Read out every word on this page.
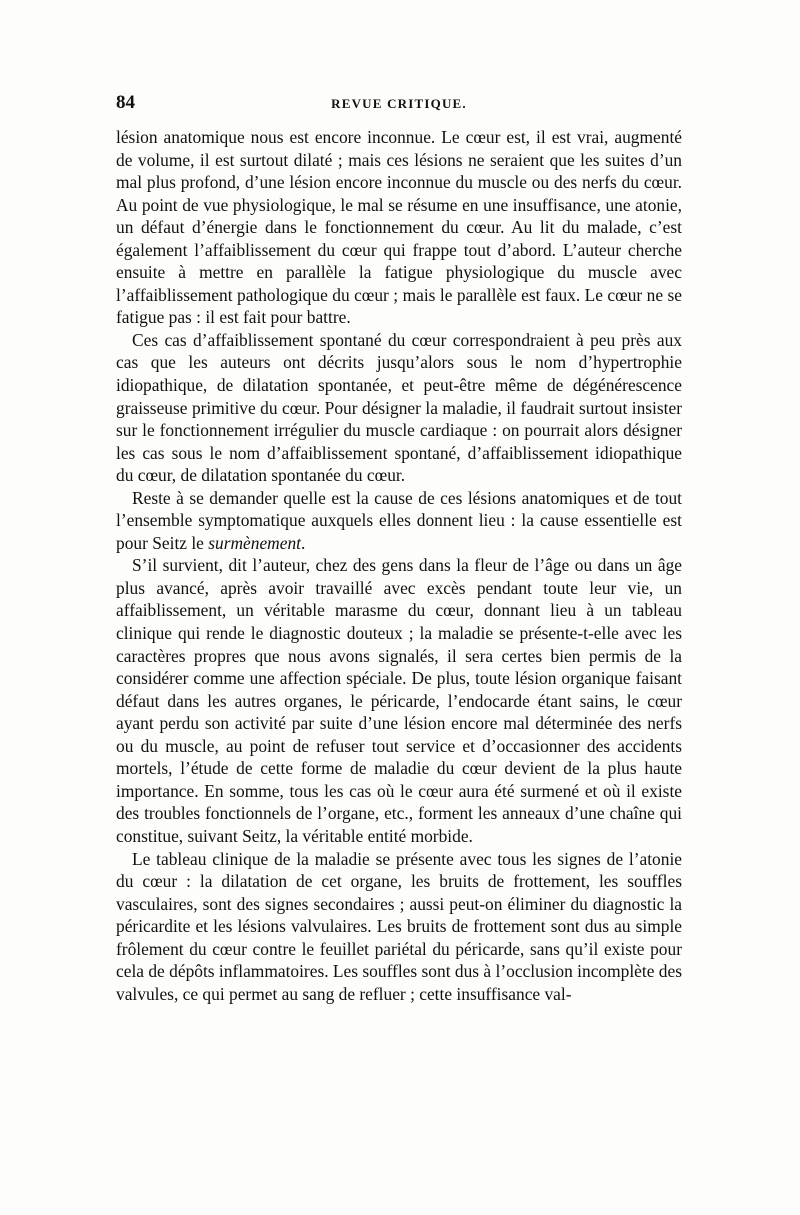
84	REVUE CRITIQUE.

lésion anatomique nous est encore inconnue. Le cœur est, il est vrai, augmenté de volume, il est surtout dilaté ; mais ces lésions ne seraient que les suites d’un mal plus profond, d’une lésion encore inconnue du muscle ou des nerfs du cœur. Au point de vue physiologique, le mal se résume en une insuffisance, une atonie, un défaut d’énergie dans le fonctionnement du cœur. Au lit du malade, c’est également l’affaiblissement du cœur qui frappe tout d’abord. L’auteur cherche ensuite à mettre en parallèle la fatigue physiologique du muscle avec l’affaiblissement pathologique du cœur ; mais le parallèle est faux. Le cœur ne se fatigue pas : il est fait pour battre.

Ces cas d’affaiblissement spontané du cœur correspondraient à peu près aux cas que les auteurs ont décrits jusqu’alors sous le nom d’hypertrophie idiopathique, de dilatation spontanée, et peut-être même de dégénérescence graisseuse primitive du cœur. Pour désigner la maladie, il faudrait surtout insister sur le fonctionnement irrégulier du muscle cardiaque : on pourrait alors désigner les cas sous le nom d’affaiblissement spontané, d’affaiblissement idiopathique du cœur, de dilatation spontanée du cœur.

Reste à se demander quelle est la cause de ces lésions anatomiques et de tout l’ensemble symptomatique auxquels elles donnent lieu : la cause essentielle est pour Seitz le surmènement.

S’il survient, dit l’auteur, chez des gens dans la fleur de l’âge ou dans un âge plus avancé, après avoir travaillé avec excès pendant toute leur vie, un affaiblissement, un véritable marasme du cœur, donnant lieu à un tableau clinique qui rende le diagnostic douteux ; la maladie se présente-t-elle avec les caractères propres que nous avons signalés, il sera certes bien permis de la considérer comme une affection spéciale. De plus, toute lésion organique faisant défaut dans les autres organes, le péricarde, l’endocarde étant sains, le cœur ayant perdu son activité par suite d’une lésion encore mal déterminée des nerfs ou du muscle, au point de refuser tout service et d’occasionner des accidents mortels, l’étude de cette forme de maladie du cœur devient de la plus haute importance. En somme, tous les cas où le cœur aura été surmené et où il existe des troubles fonctionnels de l’organe, etc., forment les anneaux d’une chaîne qui constitue, suivant Seitz, la véritable entité morbide.

Le tableau clinique de la maladie se présente avec tous les signes de l’atonie du cœur : la dilatation de cet organe, les bruits de frottement, les souffles vasculaires, sont des signes secondaires ; aussi peut-on éliminer du diagnostic la péricardite et les lésions valvulaires. Les bruits de frottement sont dus au simple frôlement du cœur contre le feuillet pariétal du péricarde, sans qu’il existe pour cela de dépôts inflammatoires. Les souffles sont dus à l’occlusion incomplète des valvules, ce qui permet au sang de refluer ; cette insuffisance val-
